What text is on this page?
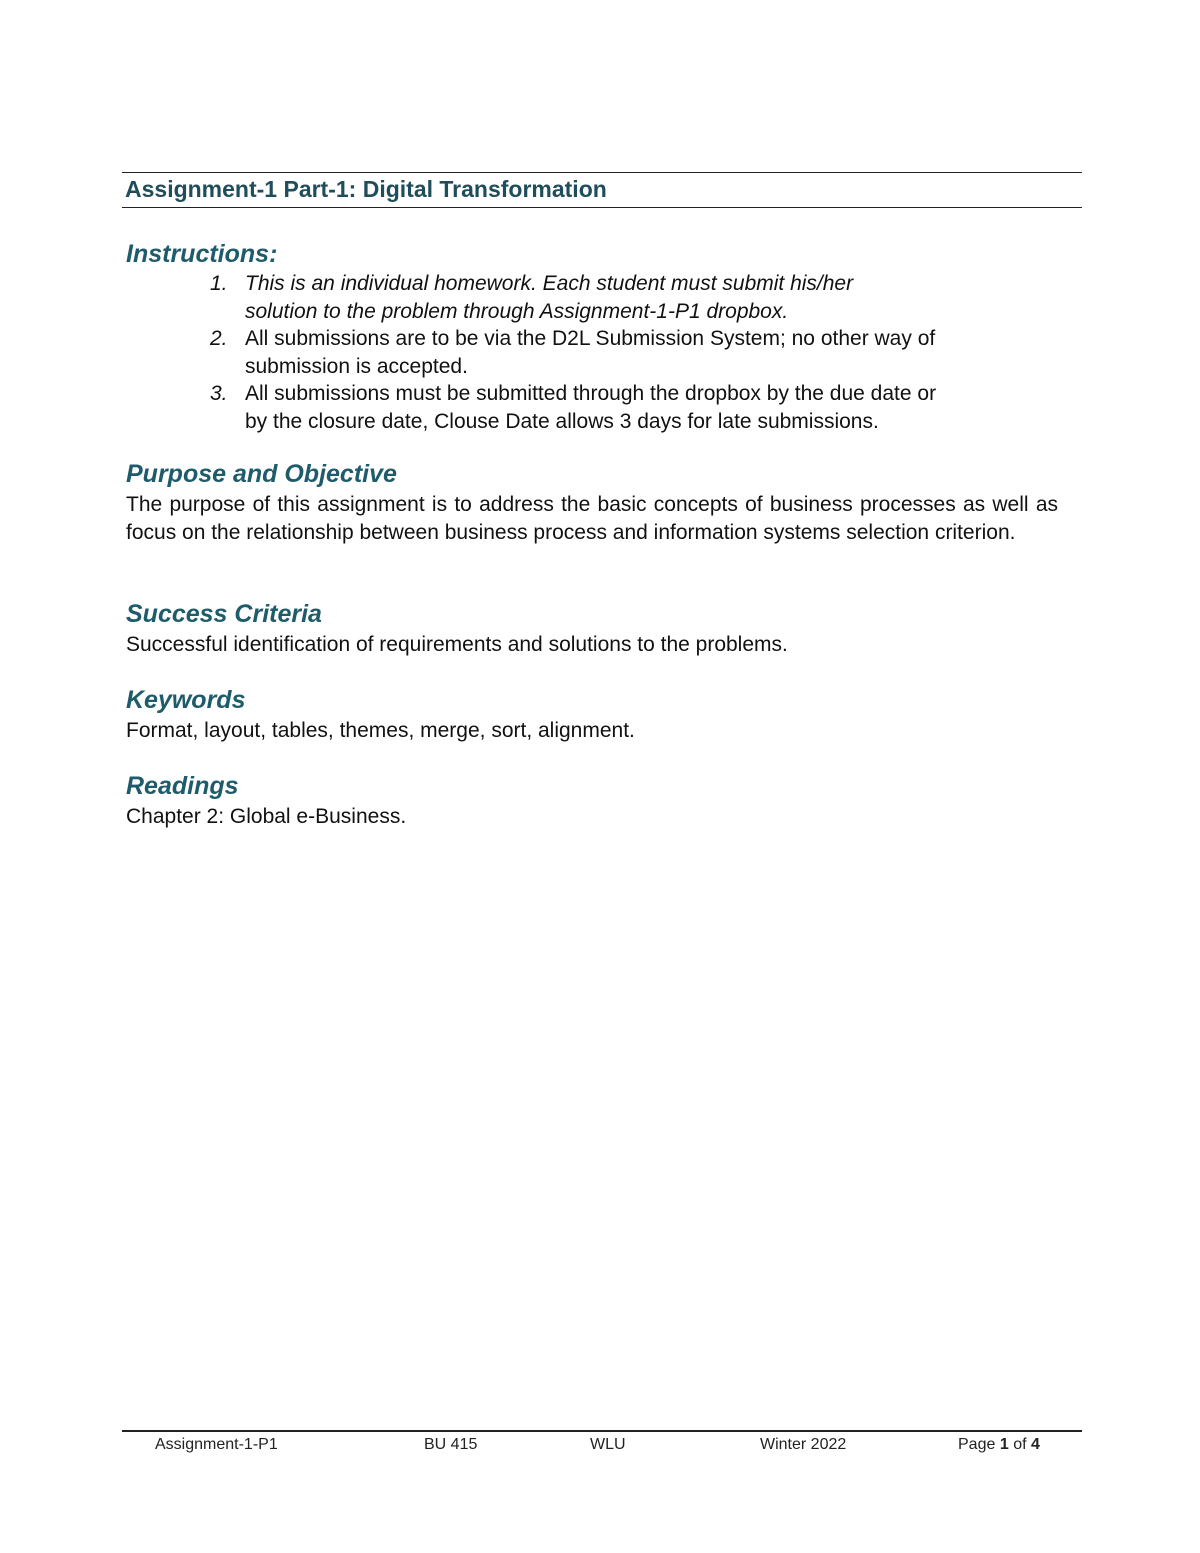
Assignment-1 Part-1: Digital Transformation
Instructions:
1. This is an individual homework. Each student must submit his/her
solution to the problem through Assignment-1-P1 dropbox.
2. All submissions are to be via the D2L Submission System; no other way of
submission is accepted.
3. All submissions must be submitted through the dropbox by the due date or
by the closure date, Clouse Date allows 3 days for late submissions.
Purpose and Objective
The purpose of this assignment is to address the basic concepts of business processes as well as focus on the relationship between business process and information systems selection criterion.
Success Criteria
Successful identification of requirements and solutions to the problems.
Keywords
Format, layout, tables, themes, merge, sort, alignment.
Readings
Chapter 2: Global e-Business.
Assignment-1-P1	BU 415	WLU	Winter 2022	Page 1 of 4
